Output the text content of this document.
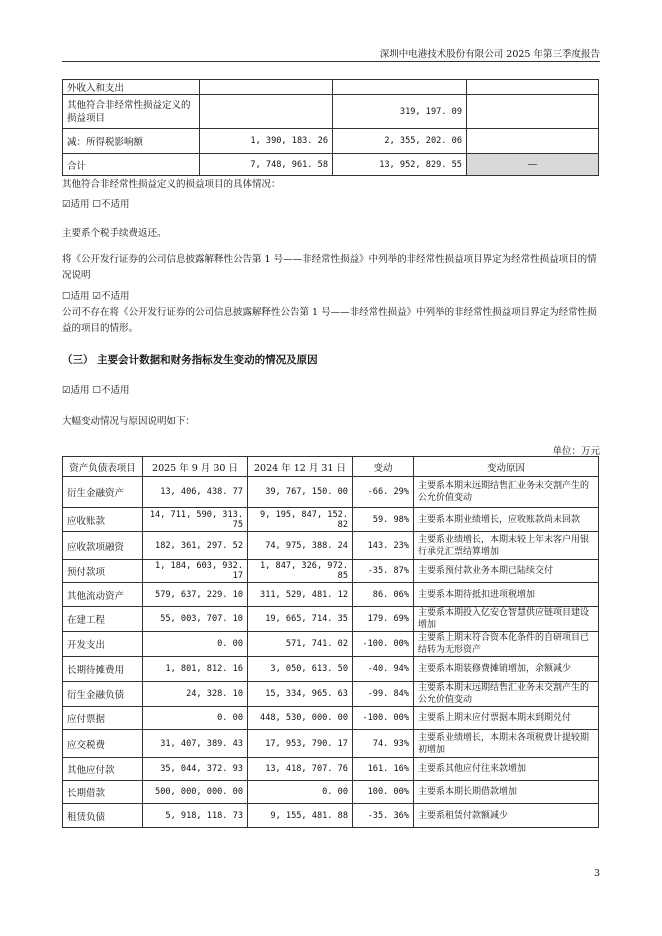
深圳中电港技术股份有限公司 2025 年第三季度报告
外收入和支出			
其他符合非经常性损益定义的损益项目		319, 197. 09	
减：所得税影响额	1, 390, 183. 26	2, 355, 202. 06	
合计	7, 748, 961. 58	13, 952, 829. 55	—
其他符合非经常性损益定义的损益项目的具体情况：
☑适用 ☐不适用
主要系个税手续费返还。
将《公开发行证券的公司信息披露解释性公告第 1 号——非经常性损益》中列举的非经常性损益项目界定为经常性损益项目的情况说明
☐适用 ☑不适用
公司不存在将《公开发行证券的公司信息披露解释性公告第 1 号——非经常性损益》中列举的非经常性损益项目界定为经常性损益的项目的情形。
（三） 主要会计数据和财务指标发生变动的情况及原因
☑适用 ☐不适用
大幅变动情况与原因说明如下：
单位：万元
资产负债表项目	2025 年 9 月 30 日	2024 年 12 月 31 日	变动	变动原因
衍生金融资产	13, 406, 438. 77	39, 767, 150. 00	-66. 29%	主要系本期末远期结售汇业务未交割产生的公允价值变动
应收账款	14, 711, 590, 313. 75	9, 195, 847, 152. 82	59. 98%	主要系本期业绩增长，应收账款尚未回款
应收款项融资	182, 361, 297. 52	74, 975, 388. 24	143. 23%	主要系业绩增长，本期末较上年末客户用银行承兑汇票结算增加
预付款项	1, 184, 603, 932. 17	1, 847, 326, 972. 85	-35. 87%	主要系预付款业务本期已陆续交付
其他流动资产	579, 637, 229. 10	311, 529, 481. 12	86. 06%	主要系本期待抵扣进项税增加
在建工程	55, 003, 707. 10	19, 665, 714. 35	179. 69%	主要系本期投入亿安仓智慧供应链项目建设增加
开发支出	0. 00	571, 741. 02	-100. 00%	主要系上期末符合资本化条件的自研项目已结转为无形资产
长期待摊费用	1, 801, 812. 16	3, 050, 613. 50	-40. 94%	主要系本期装修费摊销增加，余额减少
衍生金融负债	24, 328. 10	15, 334, 965. 63	-99. 84%	主要系本期末远期结售汇业务未交割产生的公允价值变动
应付票据	0. 00	448, 530, 000. 00	-100. 00%	主要系上期末应付票据本期末到期兑付
应交税费	31, 407, 389. 43	17, 953, 790. 17	74. 93%	主要系业绩增长，本期末各项税费计提较期初增加
其他应付款	35, 044, 372. 93	13, 418, 707. 76	161. 16%	主要系其他应付往来款增加
长期借款	500, 000, 000. 00	0. 00	100. 00%	主要系本期长期借款增加
租赁负债	5, 918, 118. 73	9, 155, 481. 88	-35. 36%	主要系租赁付款额减少
3
